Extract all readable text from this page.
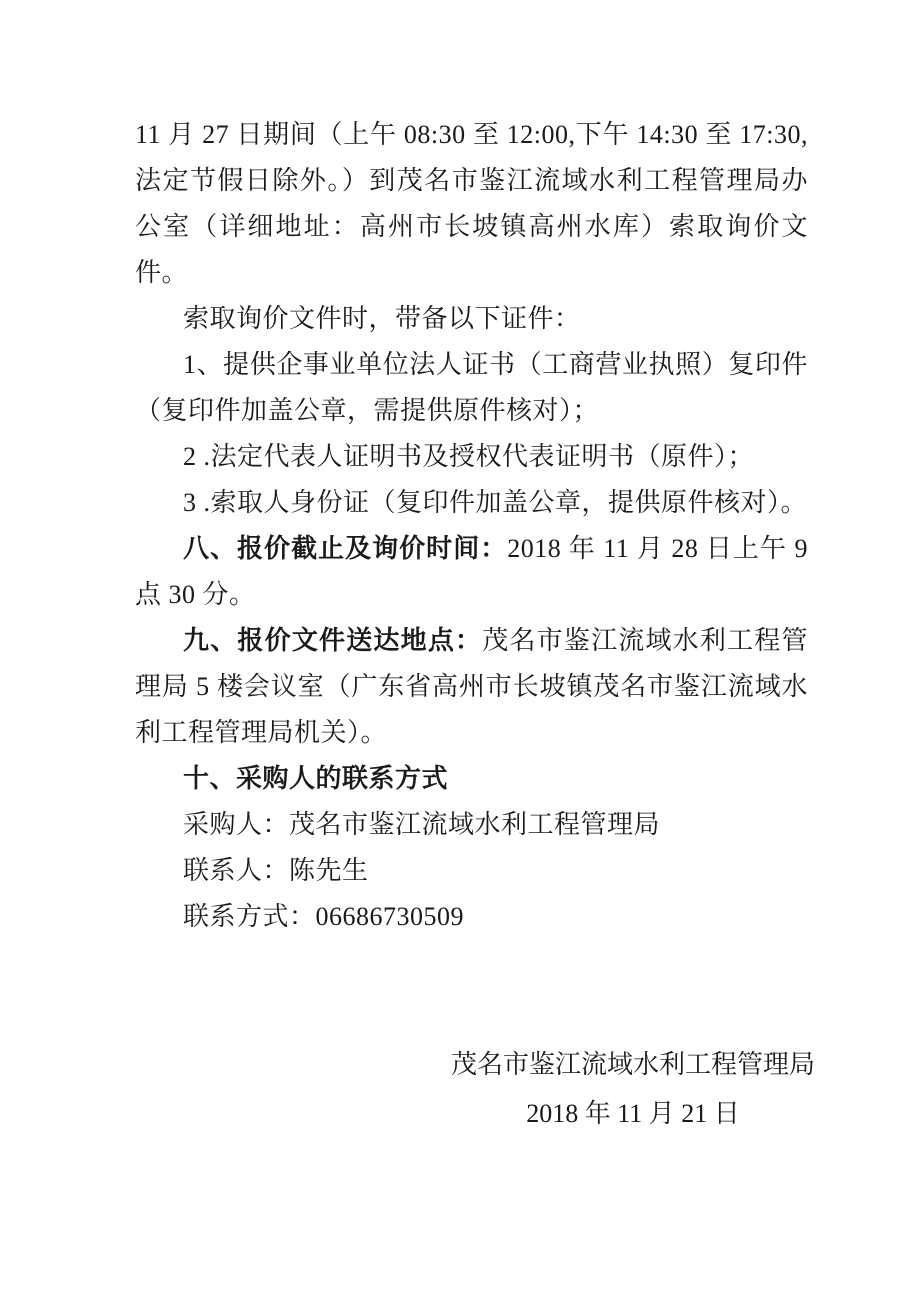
11 月 27 日期间（上午 08:30 至 12:00,下午 14:30 至 17:30,法定节假日除外。）到茂名市鉴江流域水利工程管理局办公室（详细地址：高州市长坡镇高州水库）索取询价文件。

索取询价文件时，带备以下证件：

1、提供企事业单位法人证书（工商营业执照）复印件（复印件加盖公章，需提供原件核对）；

2 .法定代表人证明书及授权代表证明书（原件）；

3 .索取人身份证（复印件加盖公章，提供原件核对）。

八、报价截止及询价时间：2018 年 11 月 28 日上午 9 点 30 分。

九、报价文件送达地点：茂名市鉴江流域水利工程管理局 5 楼会议室（广东省高州市长坡镇茂名市鉴江流域水利工程管理局机关）。

十、采购人的联系方式

采购人：茂名市鉴江流域水利工程管理局

联系人：陈先生

联系方式：06686730509

茂名市鉴江流域水利工程管理局

2018 年 11 月 21 日
